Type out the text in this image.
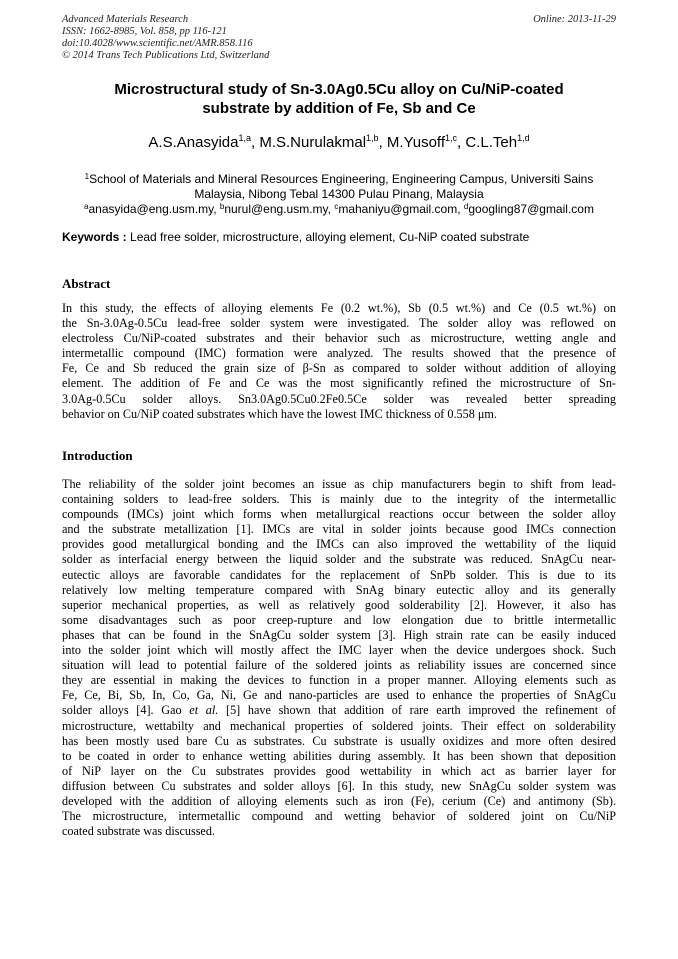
Advanced Materials Research
ISSN: 1662-8985, Vol. 858, pp 116-121
doi:10.4028/www.scientific.net/AMR.858.116
© 2014 Trans Tech Publications Ltd, Switzerland
Online: 2013-11-29
Microstructural study of Sn-3.0Ag0.5Cu alloy on Cu/NiP-coated
substrate by addition of Fe, Sb and Ce
A.S.Anasyida$^{1,a}$, M.S.Nurulakmal$^{1,b}$, M.Yusoff$^{1,c}$, C.L.Teh$^{1,d}$
$^1$School of Materials and Mineral Resources Engineering, Engineering Campus, Universiti Sains
Malaysia, Nibong Tebal 14300 Pulau Pinang, Malaysia
$^a$anasyida@eng.usm.my, $^b$nurul@eng.usm.my, $^c$mahaniyu@gmail.com, $^d$googling87@gmail.com
Keywords : Lead free solder, microstructure, alloying element, Cu-NiP coated substrate
Abstract
In this study, the effects of alloying elements Fe (0.2 wt.%), Sb (0.5 wt.%) and Ce (0.5 wt.%) on
the Sn-3.0Ag-0.5Cu lead-free solder system were investigated. The solder alloy was reflowed on
electroless Cu/NiP-coated substrates and their behavior such as microstructure, wetting angle and
intermetallic compound (IMC) formation were analyzed. The results showed that the presence of
Fe, Ce and Sb reduced the grain size of β-Sn as compared to solder without addition of alloying
element. The addition of Fe and Ce was the most significantly refined the microstructure of Sn-
3.0Ag-0.5Cu solder alloys. Sn3.0Ag0.5Cu0.2Fe0.5Ce solder was revealed better spreading
behavior on Cu/NiP coated substrates which have the lowest IMC thickness of 0.558 μm.
Introduction
The reliability of the solder joint becomes an issue as chip manufacturers begin to shift from lead-
containing solders to lead-free solders. This is mainly due to the integrity of the intermetallic
compounds (IMCs) joint which forms when metallurgical reactions occur between the solder alloy
and the substrate metallization [1]. IMCs are vital in solder joints because good IMCs connection
provides good metallurgical bonding and the IMCs can also improved the wettability of the liquid
solder as interfacial energy between the liquid solder and the substrate was reduced. SnAgCu near-
eutectic alloys are favorable candidates for the replacement of SnPb solder. This is due to its
relatively low melting temperature compared with SnAg binary eutectic alloy and its generally
superior mechanical properties, as well as relatively good solderability [2]. However, it also has
some disadvantages such as poor creep-rupture and low elongation due to brittle intermetallic
phases that can be found in the SnAgCu solder system [3]. High strain rate can be easily induced
into the solder joint which will mostly affect the IMC layer when the device undergoes shock. Such
situation will lead to potential failure of the soldered joints as reliability issues are concerned since
they are essential in making the devices to function in a proper manner. Alloying elements such as
Fe, Ce, Bi, Sb, In, Co, Ga, Ni, Ge and nano-particles are used to enhance the properties of SnAgCu
solder alloys [4]. Gao et al. [5] have shown that addition of rare earth improved the refinement of
microstructure, wettabilty and mechanical properties of soldered joints. Their effect on solderability
has been mostly used bare Cu as substrates. Cu substrate is usually oxidizes and more often desired
to be coated in order to enhance wetting abilities during assembly. It has been shown that deposition
of NiP layer on the Cu substrates provides good wettability in which act as barrier layer for
diffusion between Cu substrates and solder alloys [6]. In this study, new SnAgCu solder system was
developed with the addition of alloying elements such as iron (Fe), cerium (Ce) and antimony (Sb).
The microstructure, intermetallic compound and wetting behavior of soldered joint on Cu/NiP
coated substrate was discussed.
